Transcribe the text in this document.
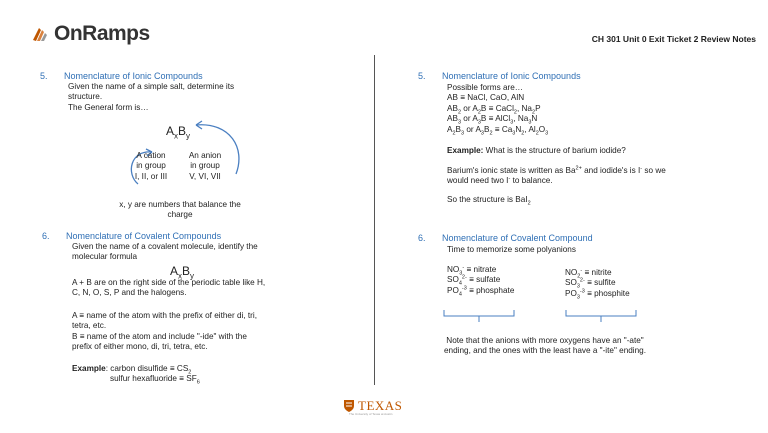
OnRamps	CH 301 Unit 0 Exit Ticket 2 Review Notes
5. Nomenclature of Ionic Compounds
Given the name of a simple salt, determine its
structure.
The General form is…
$A_xB_y$
A cation
in group
I, II, or III
An anion
in group
V, VI, VII
x, y are numbers that balance the
charge
6. Nomenclature of Covalent Compounds
Given the name of a covalent molecule, identify the
molecular formula
$A_xB_y$
A + B are on the right side of the periodic table like H,
C, N, O, S, P and the halogens.
A ≡ name of the atom with the prefix of either di, tri,
tetra, etc.
B ≡ name of the atom and include "-ide" with the
prefix of either mono, di, tri, tetra, etc.
Example: carbon disulfide ≡ $CS_2$
sulfur hexafluoride ≡ $SF_6$
5. Nomenclature of Ionic Compounds
Possible forms are…
AB ≡ NaCl, CaO, AlN
$AB_2$ or $A_2B$ ≡ CaCl$_2$, $Na_2P$
$AB_3$ or $A_3B$ ≡ AlCl$_3$, $Na_3N$
$A_2B_3$ or $A_3B_2 \equiv Ca_3N_2$, $Al_2O_3$
Example: What is the structure of barium iodide?
Barium's ionic state is written as $Ba^{2+}$ and iodide's is I- so we
would need two I- to balance.
So the structure is BaI$_2$
6. Nomenclature of Covalent Compound
Time to memorize some polyanions
$NO_3^-$ ≡ nitrate
$SO_4^{2-}$ ≡ sulfate
$PO_4^{-3}$ ≡ phosphate
$NO_2^-$ ≡ nitrite
$SO_3^{2-}$ ≡ sulfite
$PO_3^{-3}$ ≡ phosphite
Note that the anions with more oxygens have an "-ate"
ending, and the ones with the least have a "-ite" ending.
TEXAS
The University of Texas at Austin
